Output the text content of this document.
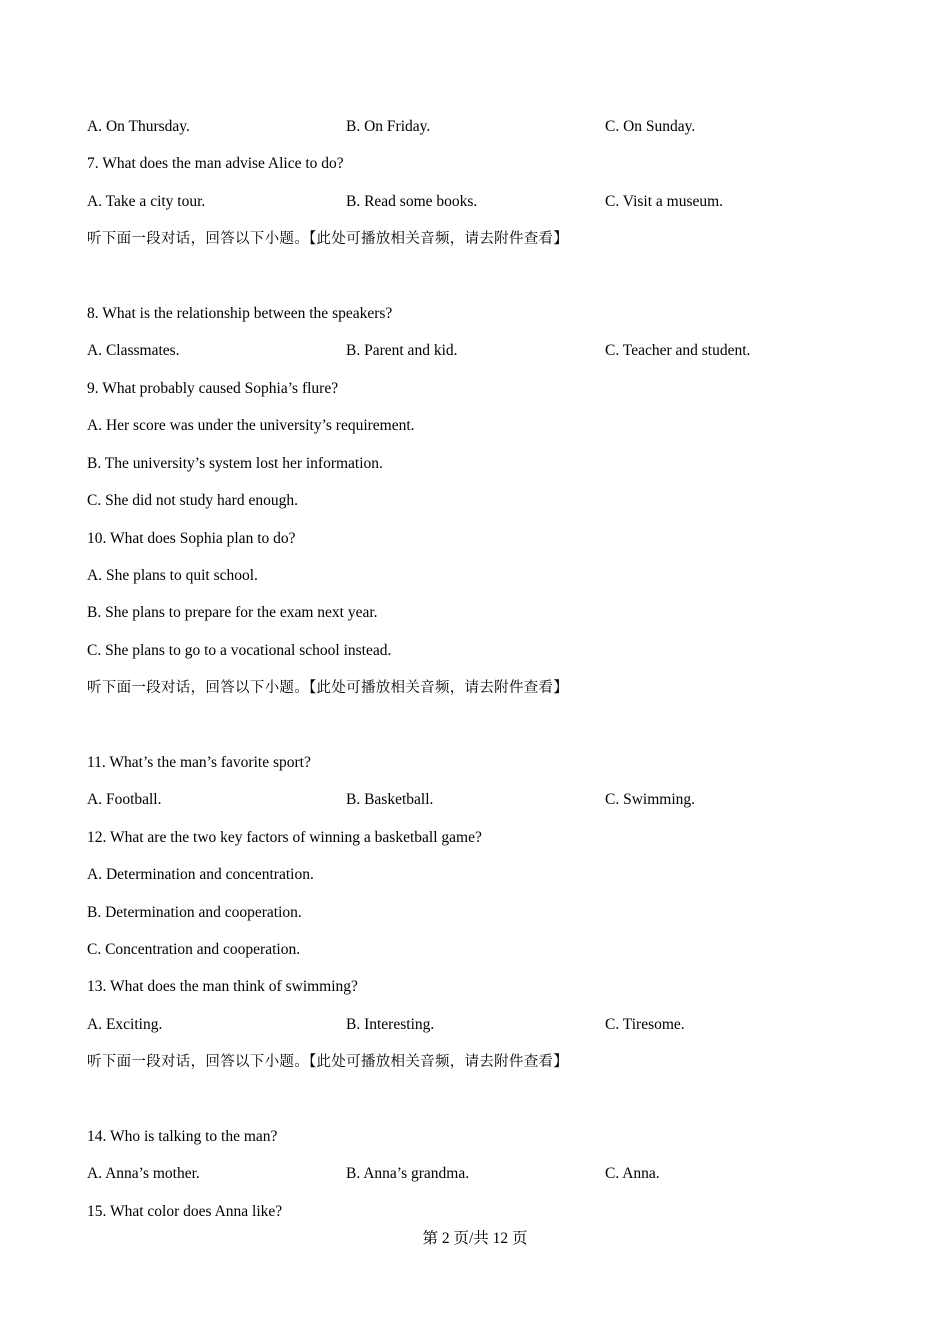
A. On Thursday.	B. On Friday.	C. On Sunday.
7. What does the man advise Alice to do?
A. Take a city tour.	B. Read some books.	C. Visit a museum.
听下面一段对话，回答以下小题。【此处可播放相关音频，请去附件查看】
8. What is the relationship between the speakers?
A. Classmates.	B. Parent and kid.	C. Teacher and student.
9. What probably caused Sophia’s flure?
A. Her score was under the university’s requirement.
B. The university’s system lost her information.
C. She did not study hard enough.
10. What does Sophia plan to do?
A. She plans to quit school.
B. She plans to prepare for the exam next year.
C. She plans to go to a vocational school instead.
听下面一段对话，回答以下小题。【此处可播放相关音频，请去附件查看】
11. What’s the man’s favorite sport?
A. Football.	B. Basketball.	C. Swimming.
12. What are the two key factors of winning a basketball game?
A. Determination and concentration.
B. Determination and cooperation.
C. Concentration and cooperation.
13. What does the man think of swimming?
A. Exciting.	B. Interesting.	C. Tiresome.
听下面一段对话，回答以下小题。【此处可播放相关音频，请去附件查看】
14. Who is talking to the man?
A. Anna’s mother.	B. Anna’s grandma.	C. Anna.
15. What color does Anna like?
第 2 页/共 12 页
